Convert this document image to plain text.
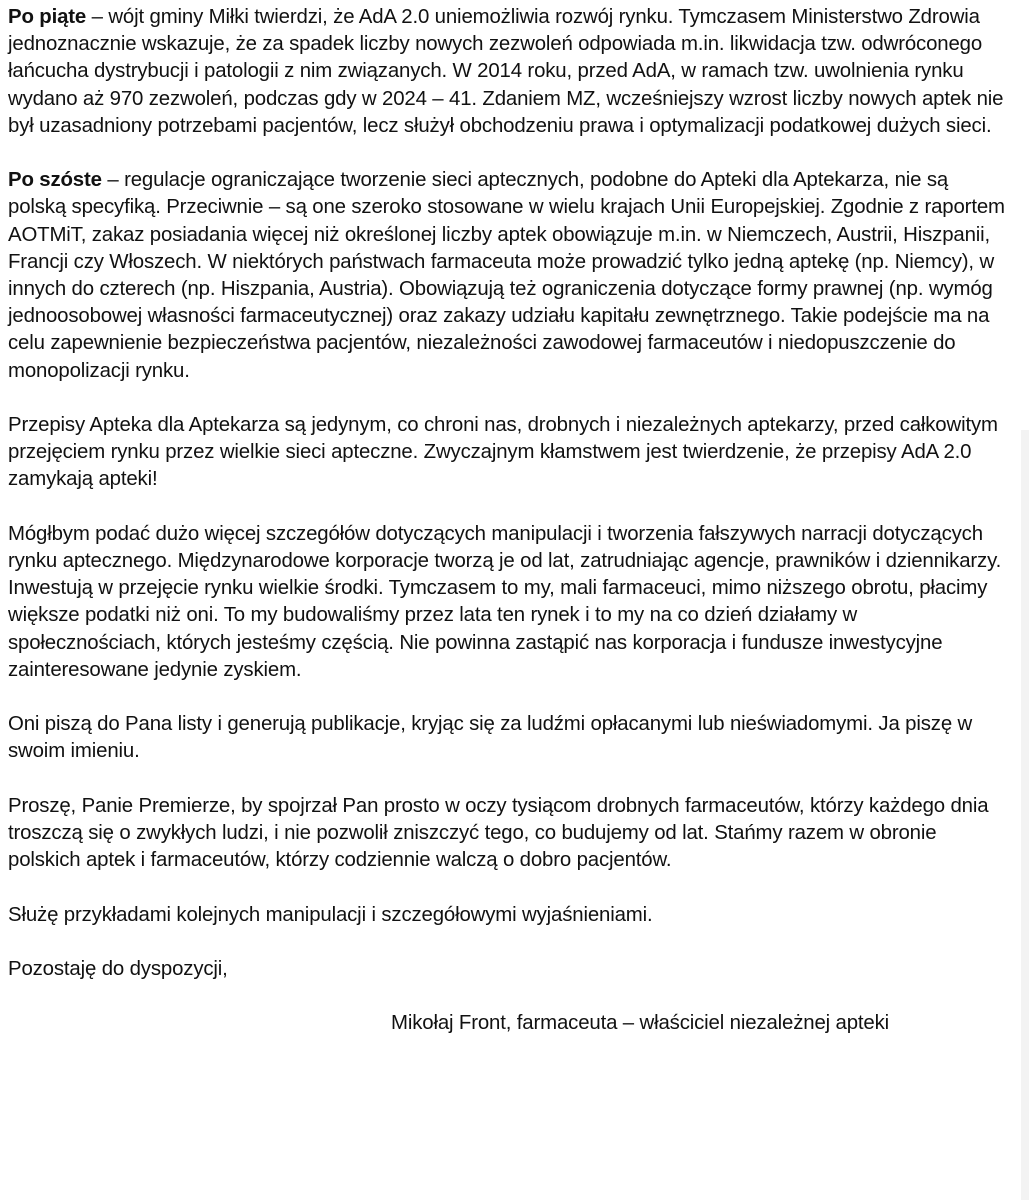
Po piąte – wójt gminy Miłki twierdzi, że AdA 2.0 uniemożliwia rozwój rynku. Tymczasem Ministerstwo Zdrowia jednoznacznie wskazuje, że za spadek liczby nowych zezwoleń odpowiada m.in. likwidacja tzw. odwróconego łańcucha dystrybucji i patologii z nim związanych. W 2014 roku, przed AdA, w ramach tzw. uwolnienia rynku wydano aż 970 zezwoleń, podczas gdy w 2024 – 41. Zdaniem MZ, wcześniejszy wzrost liczby nowych aptek nie był uzasadniony potrzebami pacjentów, lecz służył obchodzeniu prawa i optymalizacji podatkowej dużych sieci.

Po szóste – regulacje ograniczające tworzenie sieci aptecznych, podobne do Apteki dla Aptekarza, nie są polską specyfiką. Przeciwnie – są one szeroko stosowane w wielu krajach Unii Europejskiej. Zgodnie z raportem AOTMiT, zakaz posiadania więcej niż określonej liczby aptek obowiązuje m.in. w Niemczech, Austrii, Hiszpanii, Francji czy Włoszech. W niektórych państwach farmaceuta może prowadzić tylko jedną aptekę (np. Niemcy), w innych do czterech (np. Hiszpania, Austria). Obowiązują też ograniczenia dotyczące formy prawnej (np. wymóg jednoosobowej własności farmaceutycznej) oraz zakazy udziału kapitału zewnętrznego. Takie podejście ma na celu zapewnienie bezpieczeństwa pacjentów, niezależności zawodowej farmaceutów i niedopuszczenie do monopolizacji rynku.

Przepisy Apteka dla Aptekarza są jedynym, co chroni nas, drobnych i niezależnych aptekarzy, przed całkowitym przejęciem rynku przez wielkie sieci apteczne. Zwyczajnym kłamstwem jest twierdzenie, że przepisy AdA 2.0 zamykają apteki!

Mógłbym podać dużo więcej szczegółów dotyczących manipulacji i tworzenia fałszywych narracji dotyczących rynku aptecznego. Międzynarodowe korporacje tworzą je od lat, zatrudniając agencje, prawników i dziennikarzy. Inwestują w przejęcie rynku wielkie środki. Tymczasem to my, mali farmaceuci, mimo niższego obrotu, płacimy większe podatki niż oni. To my budowaliśmy przez lata ten rynek i to my na co dzień działamy w społecznościach, których jesteśmy częścią. Nie powinna zastąpić nas korporacja i fundusze inwestycyjne zainteresowane jedynie zyskiem.

Oni piszą do Pana listy i generują publikacje, kryjąc się za ludźmi opłacanymi lub nieświadomymi. Ja piszę w swoim imieniu.

Proszę, Panie Premierze, by spojrzał Pan prosto w oczy tysiącom drobnych farmaceutów, którzy każdego dnia troszczą się o zwykłych ludzi, i nie pozwolił zniszczyć tego, co budujemy od lat. Stańmy razem w obronie polskich aptek i farmaceutów, którzy codziennie walczą o dobro pacjentów.

Służę przykładami kolejnych manipulacji i szczegółowymi wyjaśnieniami.

Pozostaję do dyspozycji,

Mikołaj Front, farmaceuta – właściciel niezależnej apteki
